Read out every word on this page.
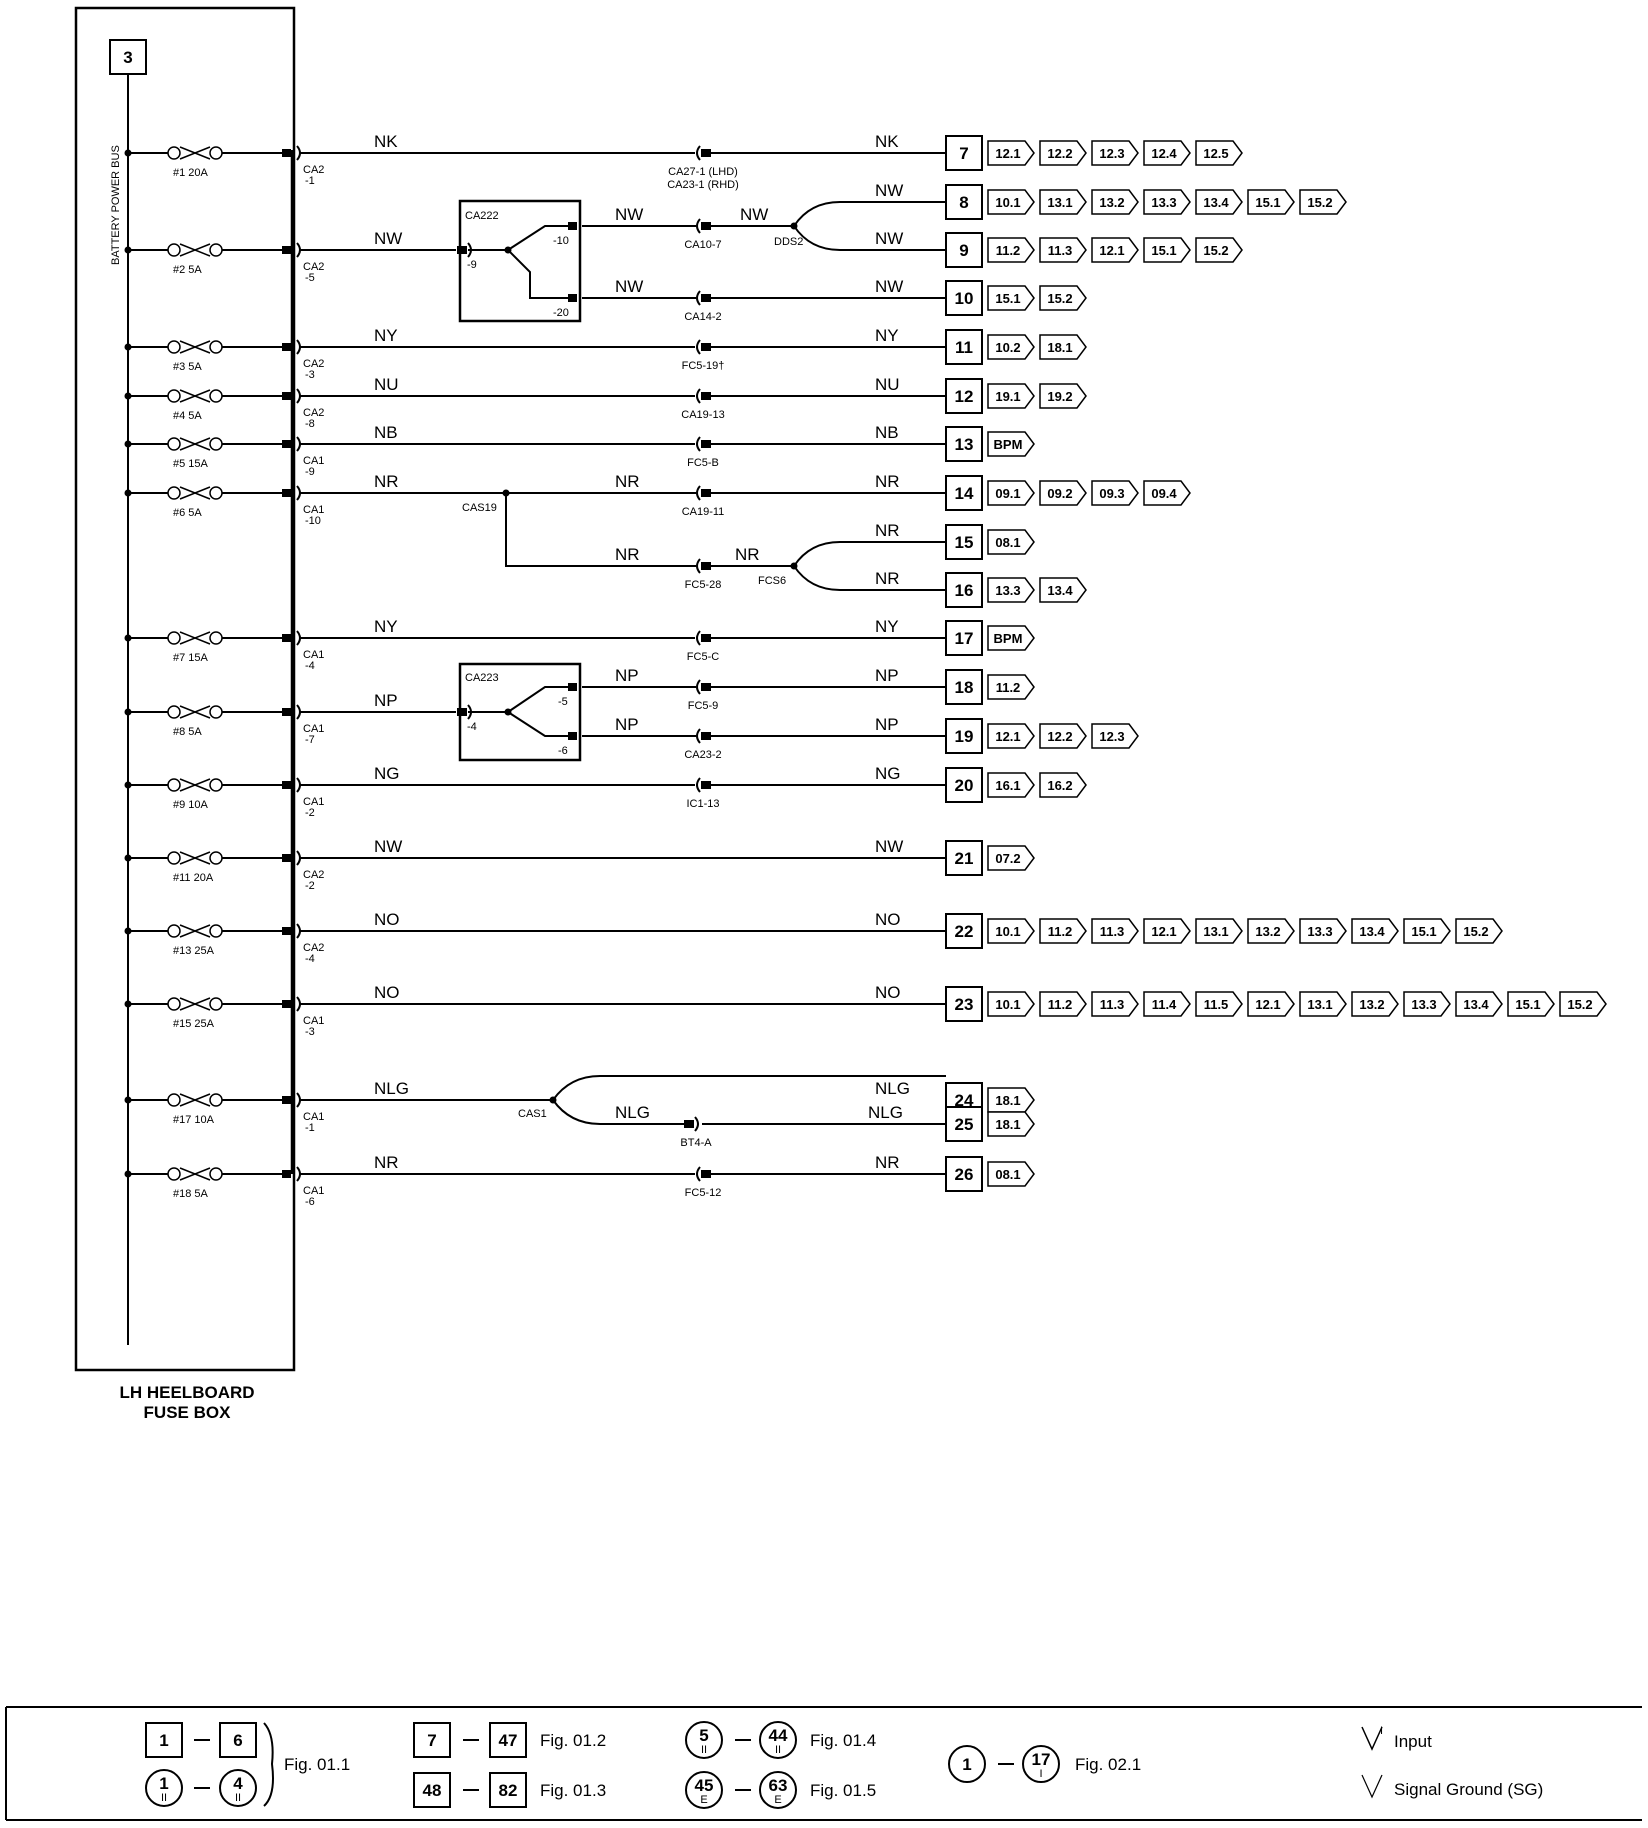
3
BATTERY POWER BUS
LH HEELBOARD
FUSE BOX
#1 20A	CA2
-1
NK	NK
7 12.1 12.2 12.3 12.4 12.5
#2 5A	CA2
-5
NW
#3 5A	CA2
-3
NY	NY
11 10.2 18.1
#4 5A	CA2
-8
NU	NU
12 19.1 19.2
#5 15A	CA1
-9
NB	NB
13 BPM
#6 5A	CA1
-10
NR	NR
14 09.1 09.2 09.3 09.4
#7 15A	CA1
-4
NY	NY
17 BPM
#8 5A	CA1
-7
NP
#9 10A	CA1
-2
NG	NG
20 16.1 16.2
#11 20A	CA2
-2
NW	NW
21 07.2
#13 25A	CA2
-4
NO	NO
22 10.1 11.2 11.3 12.1 13.1 13.2 13.3 13.4 15.1 15.2
#15 25A	CA1
-3
NO	NO
23 10.1 11.2 11.3 11.4 11.5 12.1 13.1 13.2 13.3 13.4 15.1 15.2
#17 10A	CA1
-1
NLG	NLG
24 18.1
#18 5A	CA1
-6
NR	NR
26 08.1
CA27-1 (LHD)
CA23-1 (RHD)
FC5-19†
CA19-13
FC5-B
FC5-C
IC1-13
FC5-12
CA222
-9
-10
-20
CA10-7
NW	NW
DDS2
CA14-2
NW
NW
8 10.1 13.1 13.2 13.3 13.4 15.1 15.2
NW
9 11.2 11.3 12.1 15.1 15.2
NW
10 15.1 15.2
CA19-11
NR
CAS19
FC5-28
NR	NR
FCS6
NR
15 08.1
NR
16 13.3 13.4
CA223
-4
-5
-6
FC5-9
NP
CA23-2
NP
NP
18 11.2
NP
19 12.1 12.2 12.3
CAS1
BT4-A
NLG	NLG
25 18.1
1	6
1
II
4
II
Fig. 01.1
7	47 Fig. 01.2
48	82 Fig. 01.3
5
II
44
II Fig. 01.4
45
E
63
E Fig. 01.5
1	17
I Fig. 02.1
I
Input
Signal Ground (SG)
